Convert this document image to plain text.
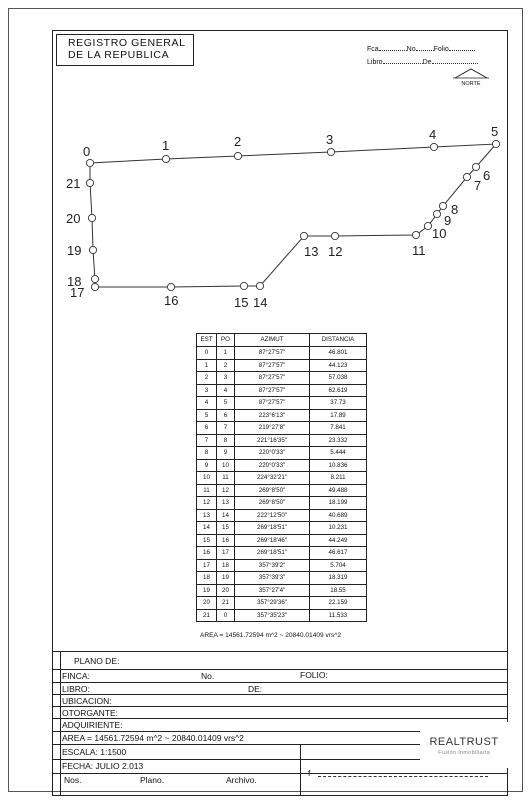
REGISTRO GENERAL
DE LA REPUBLICA	Fca	No	Folio
Libro	De
NORTE
0	1	2	3	4	5
6
7
8
9
10
11
12
13
14
15
16
17
18
19
20
21
EST	PO	AZIMUT	DISTANCIA
0	1	87°27'57"	46.801
1	2	87°27'57"	44.123
2	3	87°27'57"	57.038
3	4	87°27'57"	62.619
4	5	87°27'57"	37.73
5	6	223°6'13"	17.89
6	7	219°27'8"	7.841
7	8	221°16'35"	23.332
8	9	220°0'33"	5.444
9	10	220°0'33"	10.836
10	11	224°32'21"	8.211
11	12	269°8'50"	49.488
12	13	269°8'50"	18.199
13	14	222°12'50"	40.689
14	15	269°18'51"	10.231
15	16	269°18'46"	44.249
16	17	269°18'51"	46.617
17	18	357°39'2"	5.704
18	19	357°39'3"	18.319
19	20	357°27'4"	18.55
20	21	357°29'36"	22.159
21	0	357°35'23"	11.533
AREA = 14561.72594 m^2 ~ 20840.01409 vrs^2
PLANO DE:
FINCA:	No.	FOLIO:
LIBRO:	DE:
UBICACION:
OTORGANTE:
ADQUIRIENTE:
AREA = 14561.72594 m^2 ~ 20840.01409 vrs^2
ESCALA: 1:1500
FECHA: JULIO 2.013
Nos.	Plano.	Archivo.
f
REALTRUST
Fusión Inmobiliaria
